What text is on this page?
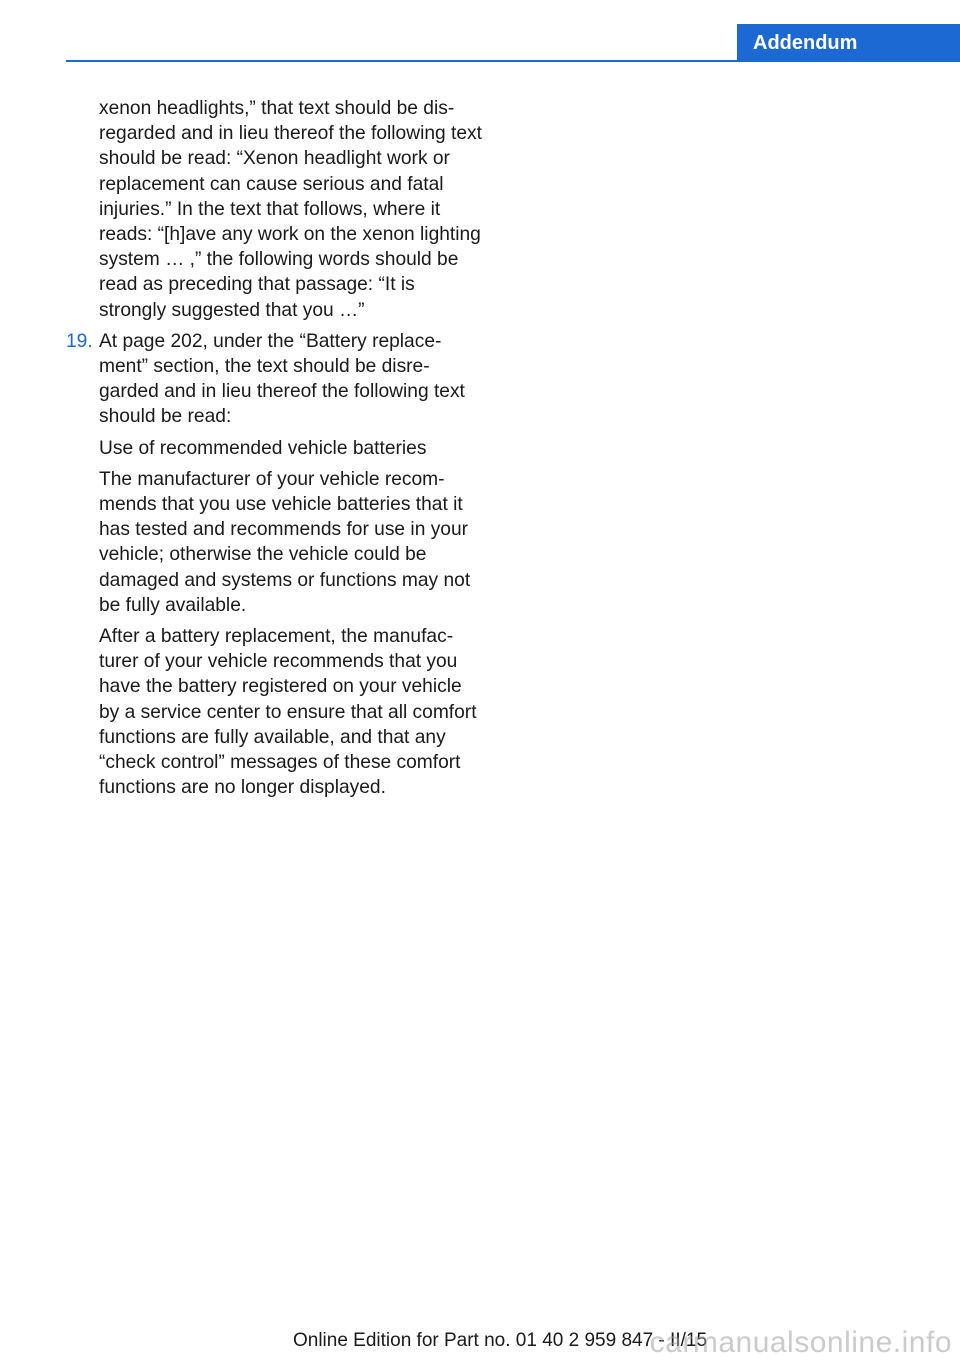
Addendum

xenon headlights,” that text should be disregarded and in lieu thereof the following text should be read: “Xenon headlight work or replacement can cause serious and fatal injuries.” In the text that follows, where it reads: “[h]ave any work on the xenon lighting system … ,” the following words should be read as preceding that passage: “It is strongly suggested that you …”

19. At page 202, under the “Battery replacement” section, the text should be disregarded and in lieu thereof the following text should be read:

Use of recommended vehicle batteries

The manufacturer of your vehicle recommends that you use vehicle batteries that it has tested and recommends for use in your vehicle; otherwise the vehicle could be damaged and systems or functions may not be fully available.

After a battery replacement, the manufacturer of your vehicle recommends that you have the battery registered on your vehicle by a service center to ensure that all comfort functions are fully available, and that any “check control” messages of these comfort functions are no longer displayed.

Online Edition for Part no. 01 40 2 959 847 - II/15
carmanualsonline.info
